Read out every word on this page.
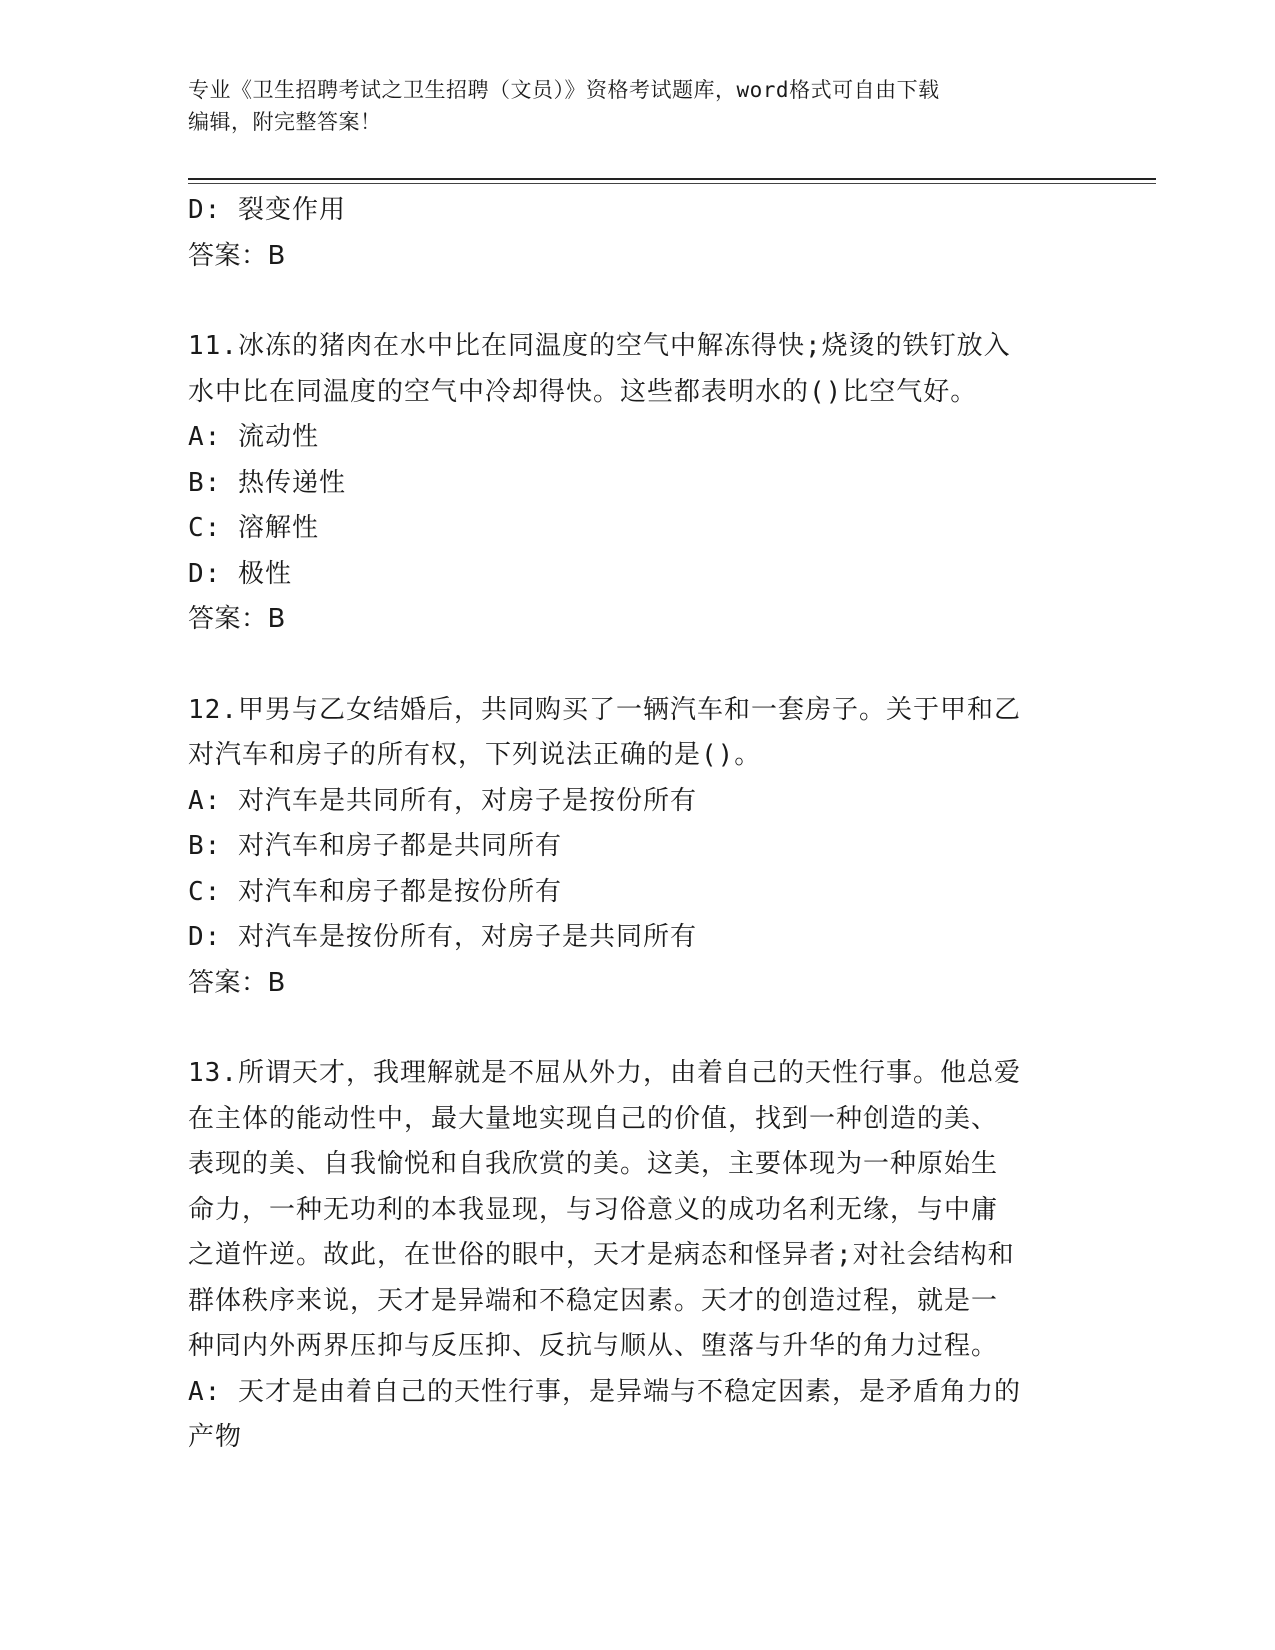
专业《卫生招聘考试之卫生招聘（文员）》资格考试题库，word格式可自由下载
编辑，附完整答案！
D: 裂变作用
答案：B
11.冰冻的猪肉在水中比在同温度的空气中解冻得快;烧烫的铁钉放入
水中比在同温度的空气中冷却得快。这些都表明水的()比空气好。
A: 流动性
B: 热传递性
C: 溶解性
D: 极性
答案：B
12.甲男与乙女结婚后，共同购买了一辆汽车和一套房子。关于甲和乙
对汽车和房子的所有权，下列说法正确的是()。
A: 对汽车是共同所有，对房子是按份所有
B: 对汽车和房子都是共同所有
C: 对汽车和房子都是按份所有
D: 对汽车是按份所有，对房子是共同所有
答案：B
13.所谓天才，我理解就是不屈从外力，由着自己的天性行事。他总爱
在主体的能动性中，最大量地实现自己的价值，找到一种创造的美、
表现的美、自我愉悦和自我欣赏的美。这美，主要体现为一种原始生
命力，一种无功利的本我显现，与习俗意义的成功名利无缘，与中庸
之道忤逆。故此，在世俗的眼中，天才是病态和怪异者;对社会结构和
群体秩序来说，天才是异端和不稳定因素。天才的创造过程，就是一
种同内外两界压抑与反压抑、反抗与顺从、堕落与升华的角力过程。
A: 天才是由着自己的天性行事，是异端与不稳定因素，是矛盾角力的
产物
